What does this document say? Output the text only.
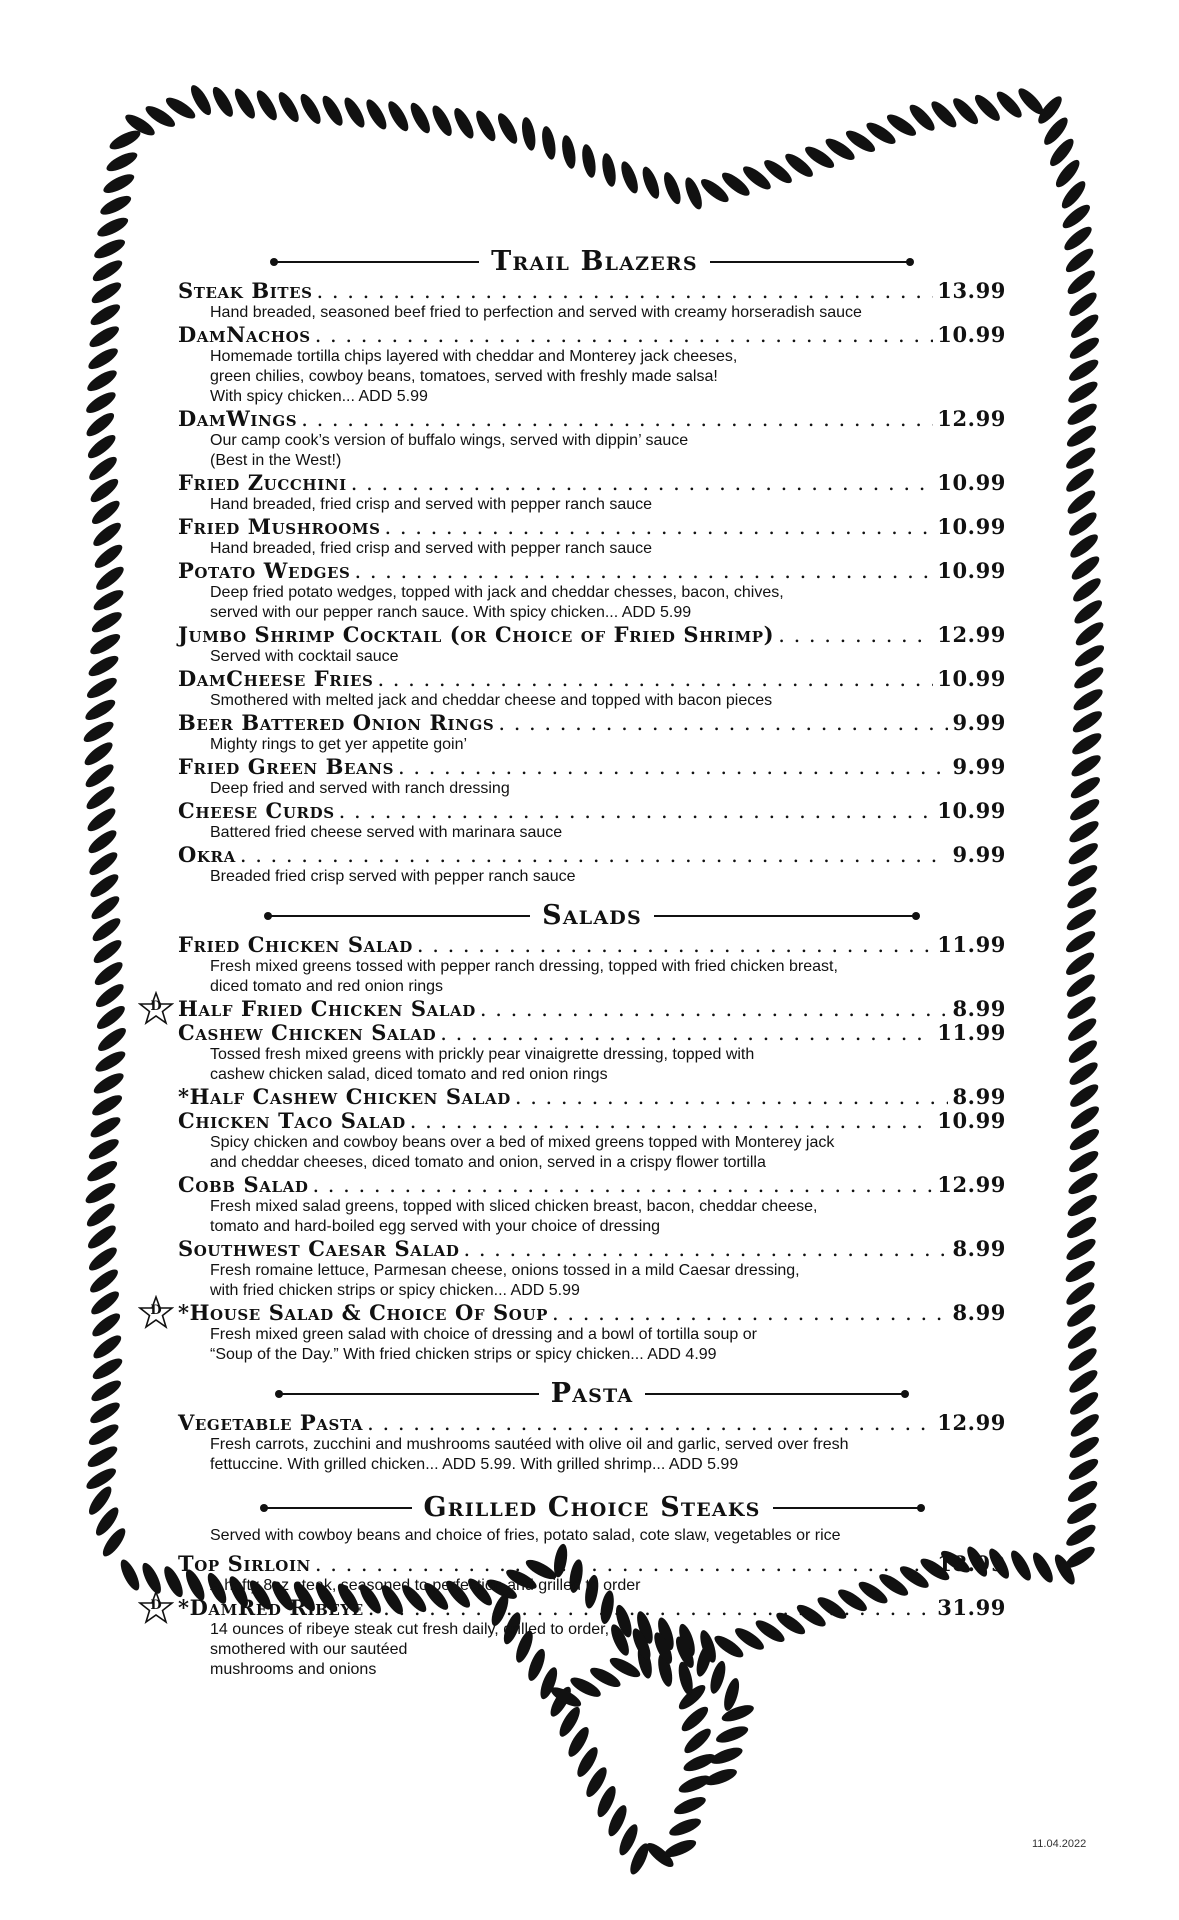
Trail Blazers
Steak Bites . . .	13.99
Hand breaded, seasoned beef fried to perfection and served with creamy horseradish sauce
DamNachos . . .	10.99
Homemade tortilla chips layered with cheddar and Monterey jack cheeses,
green chilies, cowboy beans, tomatoes, served with freshly made salsa!
With spicy chicken... ADD 5.99
DamWings . . .	12.99
Our camp cook’s version of buffalo wings, served with dippin’ sauce
(Best in the West!)
Fried Zucchini . . .	10.99
Hand breaded, fried crisp and served with pepper ranch sauce
Fried Mushrooms . . .	10.99
Hand breaded, fried crisp and served with pepper ranch sauce
Potato Wedges . . .	10.99
Deep fried potato wedges, topped with jack and cheddar chesses, bacon, chives,
served with our pepper ranch sauce. With spicy chicken... ADD 5.99
Jumbo Shrimp Cocktail (or Choice of Fried Shrimp) . . .	12.99
Served with cocktail sauce
DamCheese Fries . . .	10.99
Smothered with melted jack and cheddar cheese and topped with bacon pieces
Beer Battered Onion Rings . . .	9.99
Mighty rings to get yer appetite goin’
Fried Green Beans . . .	9.99
Deep fried and served with ranch dressing
Cheese Curds . . .	10.99
Battered fried cheese served with marinara sauce
Okra . . .	9.99
Breaded fried crisp served with pepper ranch sauce
Salads
Fried Chicken Salad . . .	11.99
Fresh mixed greens tossed with pepper ranch dressing, topped with fried chicken breast,
diced tomato and red onion rings
D Half Fried Chicken Salad . . .	8.99
Cashew Chicken Salad . . .	11.99
Tossed fresh mixed greens with prickly pear vinaigrette dressing, topped with
cashew chicken salad, diced tomato and red onion rings
*Half Cashew Chicken Salad . . .	8.99
Chicken Taco Salad . . .	10.99
Spicy chicken and cowboy beans over a bed of mixed greens topped with Monterey jack
and cheddar cheeses, diced tomato and onion, served in a crispy flower tortilla
Cobb Salad . . .	12.99
Fresh mixed salad greens, topped with sliced chicken breast, bacon, cheddar cheese,
tomato and hard-boiled egg served with your choice of dressing
Southwest Caesar Salad . . .	8.99
Fresh romaine lettuce, Parmesan cheese, onions tossed in a mild Caesar dressing,
with fried chicken strips or spicy chicken... ADD 5.99
D *House Salad & Choice Of Soup . . .	8.99
Fresh mixed green salad with choice of dressing and a bowl of tortilla soup or
“Soup of the Day.” With fried chicken strips or spicy chicken... ADD 4.99
Pasta
Vegetable Pasta . . .	12.99
Fresh carrots, zucchini and mushrooms sautéed with olive oil and garlic, served over fresh
fettuccine. With grilled chicken... ADD 5.99. With grilled shrimp... ADD 5.99
Grilled Choice Steaks
Served with cowboy beans and choice of fries, potato salad, cote slaw, vegetables or rice
Top Sirloin . . .	18.99
A hefty 8oz steak, seasoned to perfection and grilled to order
D *DamRed Ribeye . . .	31.99
14 ounces of ribeye steak cut fresh daily, grilled to order,
smothered with our sautéed
mushrooms and onions
11.04.2022
